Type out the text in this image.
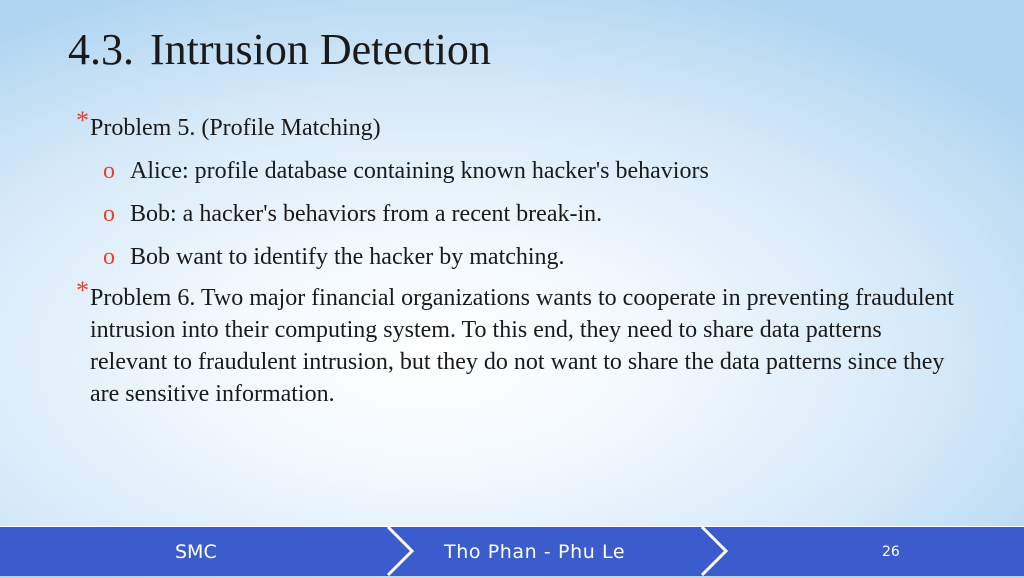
4.3. Intrusion Detection
* Problem 5. (Profile Matching)
o Alice: profile database containing known hacker's behaviors
o Bob: a hacker's behaviors from a recent break-in.
o Bob want to identify the hacker by matching.
* Problem 6. Two major financial organizations wants to cooperate in preventing fraudulent intrusion into their computing system. To this end, they need to share data patterns relevant to fraudulent intrusion, but they do not want to share the data patterns since they are sensitive information.
SMC	Tho Phan - Phu Le	26
